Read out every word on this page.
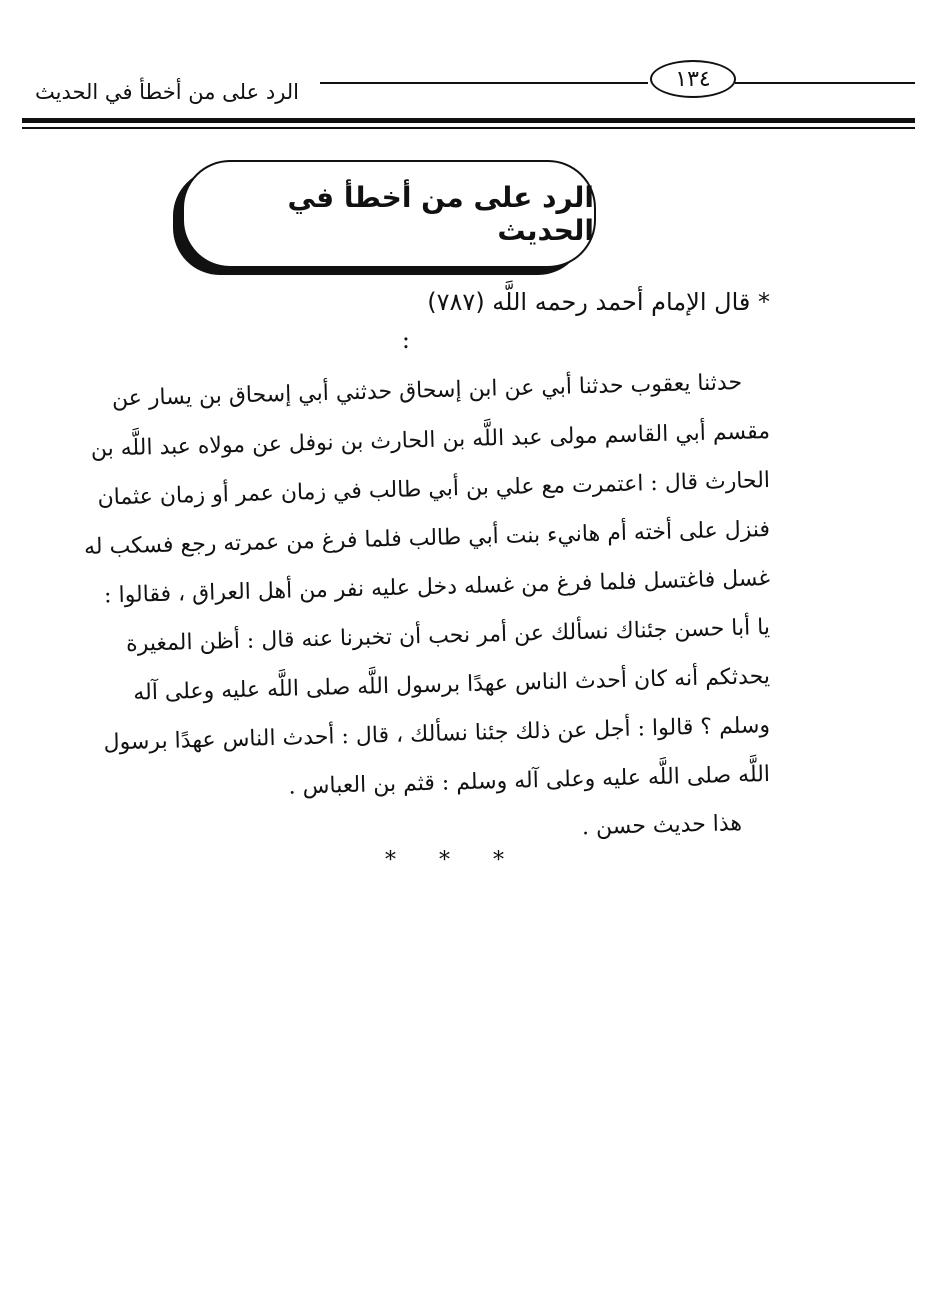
الرد على من أخطأ في الحديث
١٣٤
الرد على من أخطأ في الحديث
* قال الإمام أحمد رحمه اللَّه (٧٨٧)
:
حدثنا يعقوب حدثنا أبي عن ابن إسحاق حدثني أبي إسحاق بن يسار عن
مقسم أبي القاسم مولى عبد اللَّه بن الحارث بن نوفل عن مولاه عبد اللَّه بن
الحارث قال : اعتمرت مع علي بن أبي طالب في زمان عمر أو زمان عثمان
فنزل على أخته أم هانيء بنت أبي طالب فلما فرغ من عمرته رجع فسكب له
غسل فاغتسل فلما فرغ من غسله دخل عليه نفر من أهل العراق ، فقالوا :
يا أبا حسن جئناك نسألك عن أمر نحب أن تخبرنا عنه قال : أظن المغيرة
يحدثكم أنه كان أحدث الناس عهدًا برسول اللَّه صلى اللَّه عليه وعلى آله
وسلم ؟ قالوا : أجل عن ذلك جئنا نسألك ، قال : أحدث الناس عهدًا برسول
اللَّه صلى اللَّه عليه وعلى آله وسلم : قثم بن العباس .
هذا حديث حسن .
* * *
